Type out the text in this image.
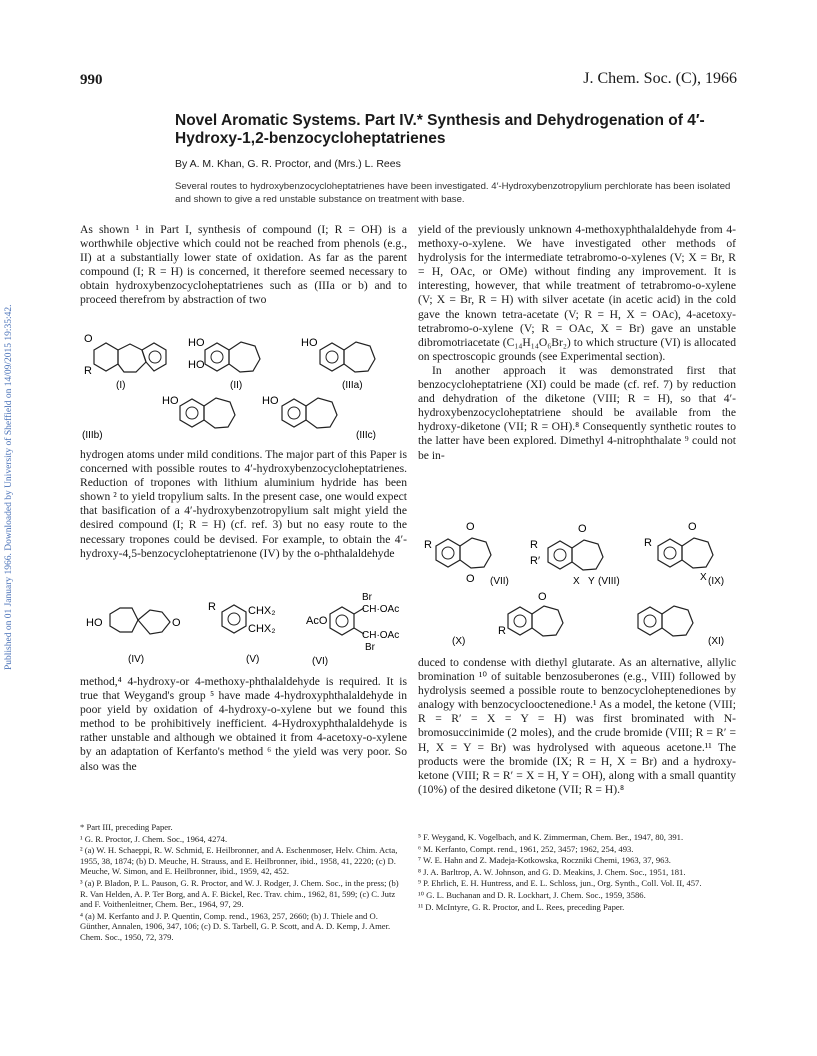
990	J. Chem. Soc. (C), 1966
Novel Aromatic Systems. Part IV.* Synthesis and Dehydrogenation of 4′-Hydroxy-1,2-benzocycloheptatrienes
By A. M. Khan, G. R. Proctor, and (Mrs.) L. Rees
Several routes to hydroxybenzocycloheptatrienes have been investigated. 4′-Hydroxybenzotropylium perchlorate has been isolated and shown to give a red unstable substance on treatment with base.
Published on 01 January 1966. Downloaded by University of Sheffield on 14/09/2015 19:35:42.

As shown ¹ in Part I, synthesis of compound (I; R = OH) is a worthwhile objective which could not be reached from phenols (e.g., II) at a substantially lower state of oxidation. As far as the parent compound (I; R = H) is concerned, it therefore seemed necessary to obtain hydroxybenzocycloheptatrienes such as (IIIa or b) and to proceed therefrom by abstraction of two

O
R
(I)
HO
HO
(II)
HO
(IIIa)
HO
(IIIb)
HO
(IIIc)

hydrogen atoms under mild conditions. The major part of this Paper is concerned with possible routes to 4′-hydroxybenzocycloheptatrienes. Reduction of tropones with lithium aluminium hydride has been shown ² to yield tropylium salts. In the present case, one would expect that basification of a 4′-hydroxybenzotropylium salt might yield the desired compound (I; R = H) (cf. ref. 3) but no easy route to the necessary tropones could be devised. For example, to obtain the 4′-hydroxy-4,5-benzocycloheptatrienone (IV) by the o-phthalaldehyde

HO	O
(IV)
R	CHX₂
CHX₂
(V)
AcO
Br
CH·OAc
CH·OAc
Br
(VI)

method,⁴ 4-hydroxy-or 4-methoxy-phthalaldehyde is required. It is true that Weygand's group ⁵ have made 4-hydroxyphthalaldehyde in poor yield by oxidation of 4-hydroxy-o-xylene but we found this method to be prohibitively inefficient. 4-Hydroxyphthalaldehyde is rather unstable and although we obtained it from 4-acetoxy-o-xylene by an adaptation of Kerfanto's method ⁶ the yield was very poor. So also was the

* Part III, preceding Paper.

¹ G. R. Proctor, J. Chem. Soc., 1964, 4274.

² (a) W. H. Schaeppi, R. W. Schmid, E. Heilbronner, and A. Eschenmoser, Helv. Chim. Acta, 1955, 38, 1874; (b) D. Meuche, H. Strauss, and E. Heilbronner, ibid., 1958, 41, 2220; (c) D. Meuche, W. Simon, and E. Heilbronner, ibid., 1959, 42, 452.

³ (a) P. Bladon, P. L. Pauson, G. R. Proctor, and W. J. Rodger, J. Chem. Soc., in the press; (b) R. Van Helden, A. P. Ter Borg, and A. F. Bickel, Rec. Trav. chim., 1962, 81, 599; (c) C. Jutz and F. Voithenleitner, Chem. Ber., 1964, 97, 29.

⁴ (a) M. Kerfanto and J. P. Quentin, Comp. rend., 1963, 257, 2660; (b) J. Thiele and O. Günther, Annalen, 1906, 347, 106; (c) D. S. Tarbell, G. P. Scott, and A. D. Kemp, J. Amer. Chem. Soc., 1950, 72, 379.

yield of the previously unknown 4-methoxyphthalaldehyde from 4-methoxy-o-xylene. We have investigated other methods of hydrolysis for the intermediate tetrabromo-o-xylenes (V; X = Br, R = H, OAc, or OMe) without finding any improvement. It is interesting, however, that while treatment of tetrabromo-o-xylene (V; X = Br, R = H) with silver acetate (in acetic acid) in the cold gave the known tetra-acetate (V; R = H, X = OAc), 4-acetoxy-tetrabromo-o-xylene (V; R = OAc, X = Br) gave an unstable dibromotriacetate (C₁₄H₁₄O₆Br₂) to which structure (VI) is allocated on spectroscopic grounds (see Experimental section).

In another approach it was demonstrated first that benzocycloheptatriene (XI) could be made (cf. ref. 7) by reduction and dehydration of the diketone (VIII; R = H), so that 4′-hydroxybenzocycloheptatriene should be available from the hydroxy-diketone (VII; R = OH).⁸ Consequently synthetic routes to the latter have been explored. Dimethyl 4-nitrophthalate ⁹ could not be in-

R
O
O (VII)
R
R′
O
X Y (VIII)
R
O
X (IX)
O
R
(X)	(XI)

duced to condense with diethyl glutarate. As an alternative, allylic bromination ¹⁰ of suitable benzosuberones (e.g., VIII) followed by hydrolysis seemed a possible route to benzocycloheptenediones by analogy with benzocyclooctenedione.¹ As a model, the ketone (VIII; R = R′ = X = Y = H) was first brominated with N-bromosuccinimide (2 moles), and the crude bromide (VIII; R = R′ = H, X = Y = Br) was hydrolysed with aqueous acetone.¹¹ The products were the bromide (IX; R = H, X = Br) and a hydroxy-ketone (VIII; R = R′ = X = H, Y = OH), along with a small quantity (10%) of the desired diketone (VII; R = H).⁸

⁵ F. Weygand, K. Vogelbach, and K. Zimmerman, Chem. Ber., 1947, 80, 391.

⁶ M. Kerfanto, Compt. rend., 1961, 252, 3457; 1962, 254, 493.

⁷ W. E. Hahn and Z. Madeja-Kotkowska, Roczniki Chemi, 1963, 37, 963.

⁸ J. A. Barltrop, A. W. Johnson, and G. D. Meakins, J. Chem. Soc., 1951, 181.

⁹ P. Ehrlich, E. H. Huntress, and E. L. Schloss, jun., Org. Synth., Coll. Vol. II, 457.

¹⁰ G. L. Buchanan and D. R. Lockhart, J. Chem. Soc., 1959, 3586.

¹¹ D. McIntyre, G. R. Proctor, and L. Rees, preceding Paper.
